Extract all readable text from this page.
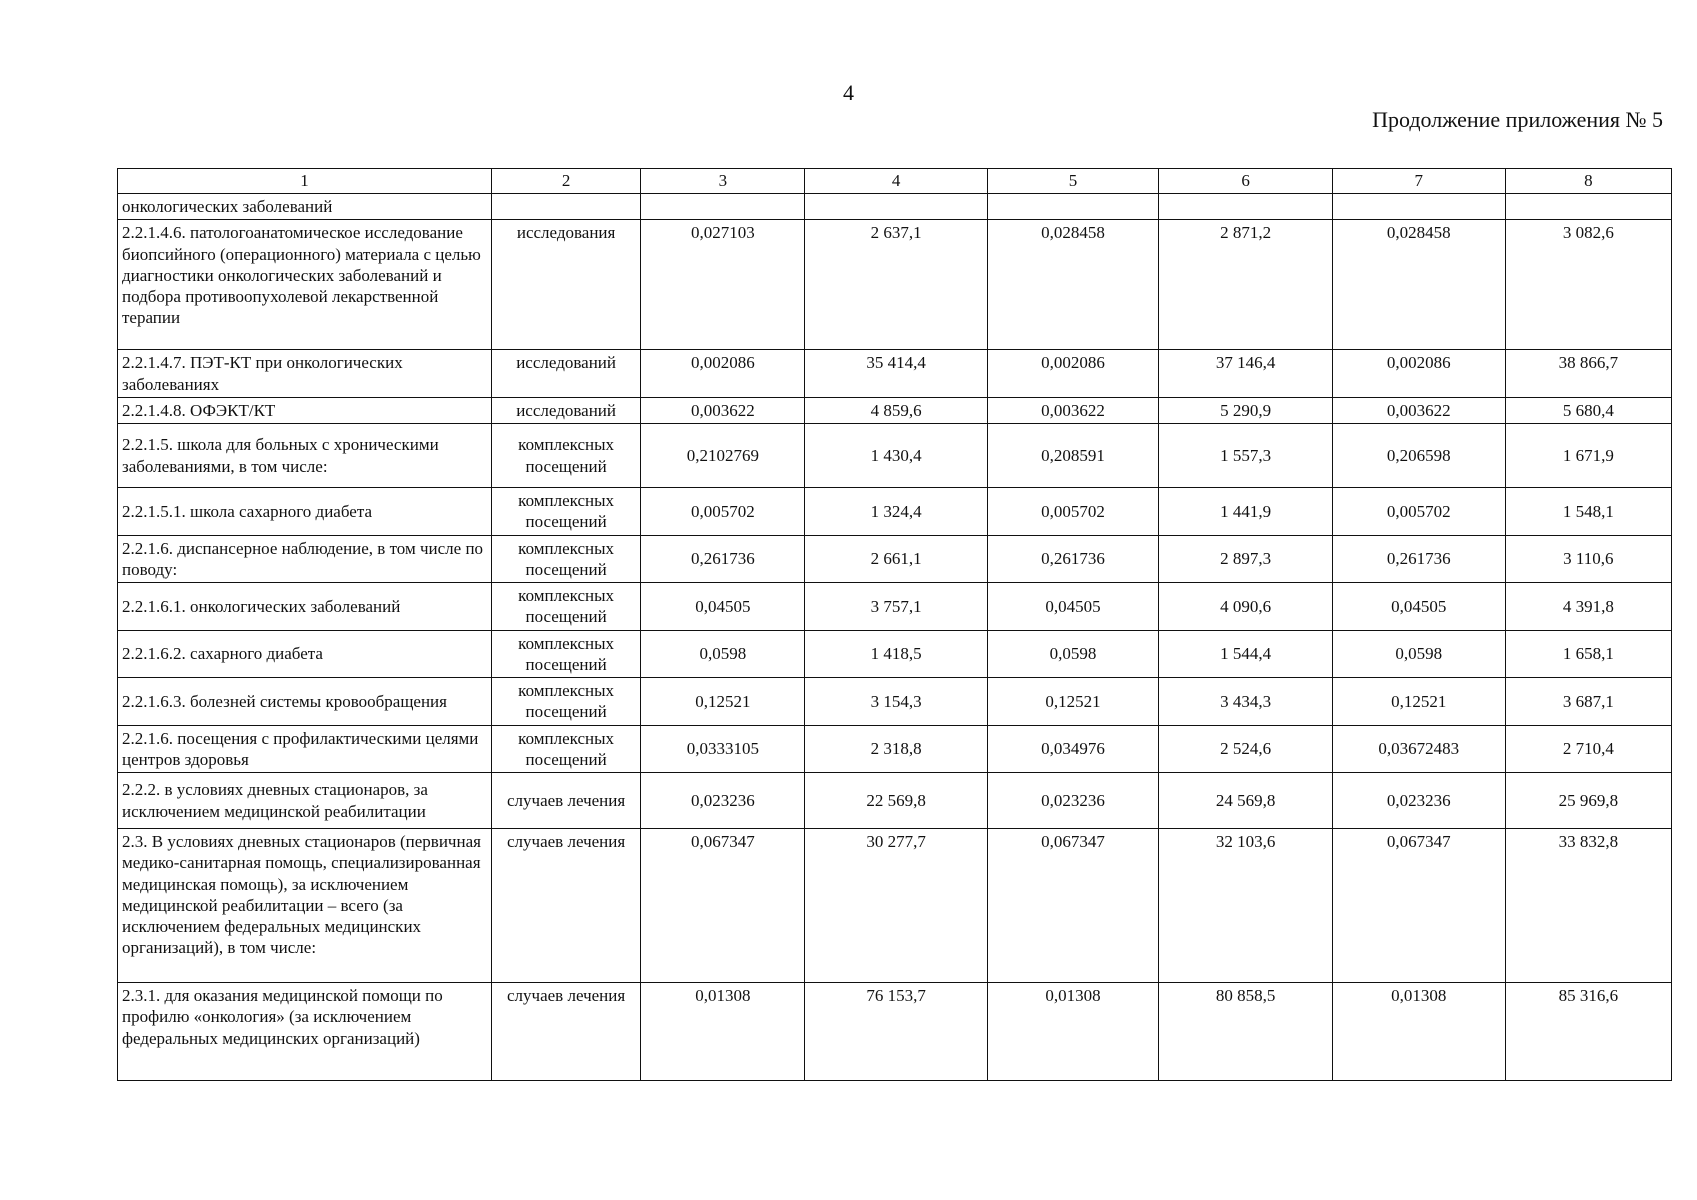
4
Продолжение приложения № 5
1	2	3	4	5	6	7	8
онкологических заболеваний							
2.2.1.4.6. патологоанатомическое исследование биопсийного (операционного) материала с целью диагностики онкологических заболеваний и подбора противоопухолевой лекарственной терапии	исследования	0,027103	2 637,1	0,028458	2 871,2	0,028458	3 082,6
2.2.1.4.7. ПЭТ-КТ при онкологических заболеваниях	исследований	0,002086	35 414,4	0,002086	37 146,4	0,002086	38 866,7
2.2.1.4.8. ОФЭКТ/КТ	исследований	0,003622	4 859,6	0,003622	5 290,9	0,003622	5 680,4
2.2.1.5. школа для больных с хроническими заболеваниями, в том числе:	комплексных посещений	0,2102769	1 430,4	0,208591	1 557,3	0,206598	1 671,9
2.2.1.5.1. школа сахарного диабета	комплексных посещений	0,005702	1 324,4	0,005702	1 441,9	0,005702	1 548,1
2.2.1.6. диспансерное наблюдение, в том числе по поводу:	комплексных посещений	0,261736	2 661,1	0,261736	2 897,3	0,261736	3 110,6
2.2.1.6.1. онкологических заболеваний	комплексных посещений	0,04505	3 757,1	0,04505	4 090,6	0,04505	4 391,8
2.2.1.6.2. сахарного диабета	комплексных посещений	0,0598	1 418,5	0,0598	1 544,4	0,0598	1 658,1
2.2.1.6.3. болезней системы кровообращения	комплексных посещений	0,12521	3 154,3	0,12521	3 434,3	0,12521	3 687,1
2.2.1.6. посещения с профилактическими целями центров здоровья	комплексных посещений	0,0333105	2 318,8	0,034976	2 524,6	0,03672483	2 710,4
2.2.2. в условиях дневных стационаров, за исключением медицинской реабилитации	случаев лечения	0,023236	22 569,8	0,023236	24 569,8	0,023236	25 969,8
2.3. В условиях дневных стационаров (первичная медико-санитарная помощь, специализированная медицинская помощь), за исключением медицинской реабилитации – всего (за исключением федеральных медицинских организаций), в том числе:	случаев лечения	0,067347	30 277,7	0,067347	32 103,6	0,067347	33 832,8
2.3.1. для оказания медицинской помощи по профилю «онкология» (за исключением федеральных медицинских организаций)	случаев лечения	0,01308	76 153,7	0,01308	80 858,5	0,01308	85 316,6
